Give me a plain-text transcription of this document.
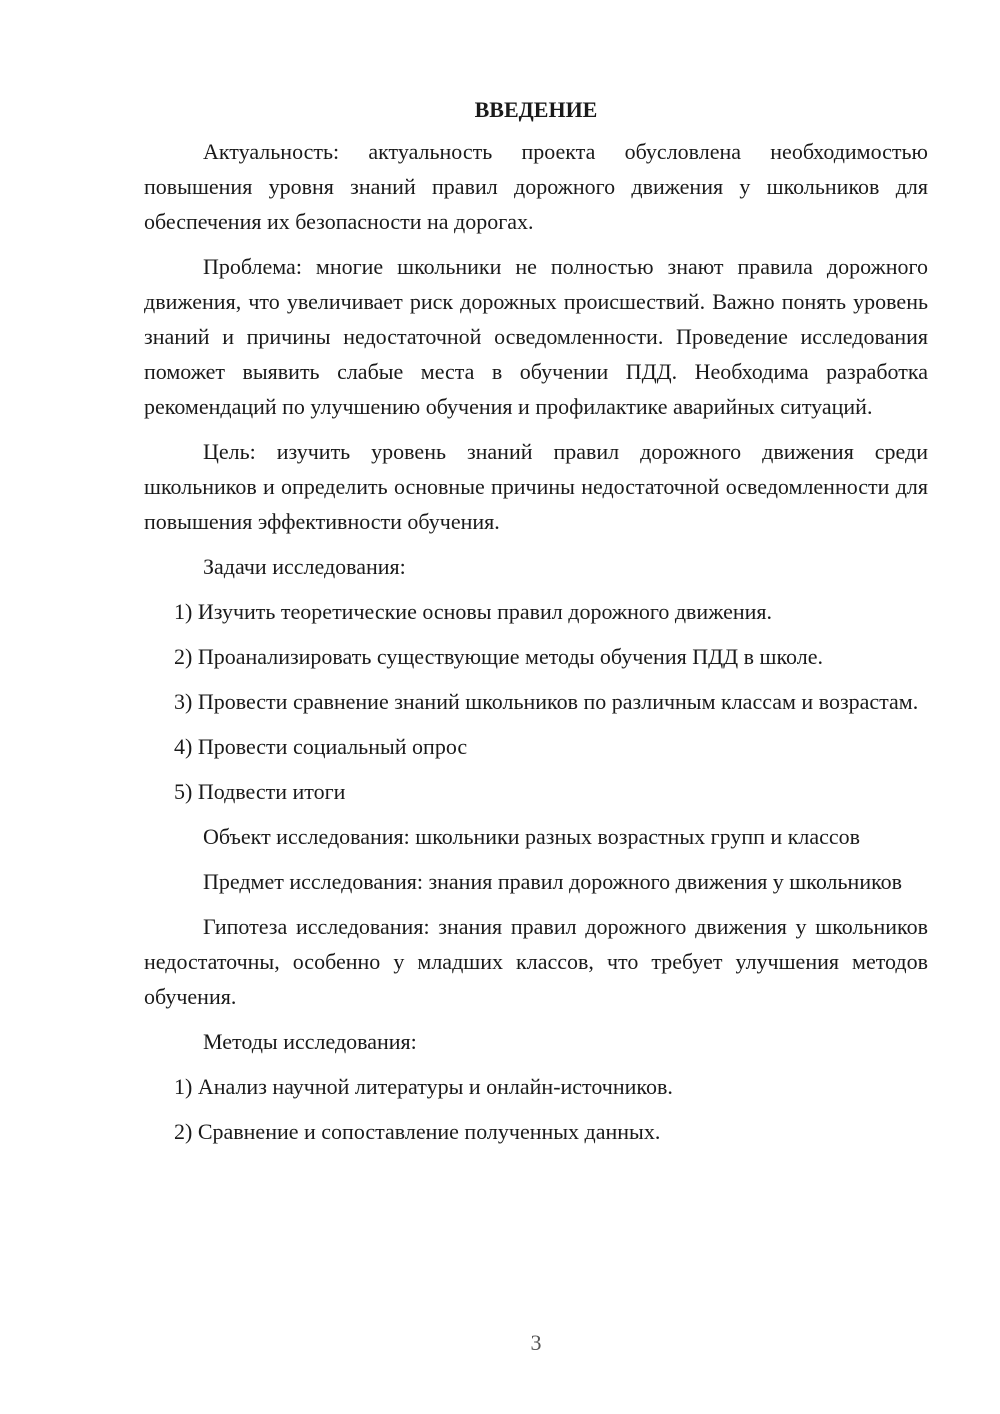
ВВЕДЕНИЕ

Актуальность: актуальность проекта обусловлена необходимостью повышения уровня знаний правил дорожного движения у школьников для обеспечения их безопасности на дорогах.

Проблема: многие школьники не полностью знают правила дорожного движения, что увеличивает риск дорожных происшествий. Важно понять уровень знаний и причины недостаточной осведомленности. Проведение исследования поможет выявить слабые места в обучении ПДД. Необходима разработка рекомендаций по улучшению обучения и профилактике аварийных ситуаций.

Цель: изучить уровень знаний правил дорожного движения среди школьников и определить основные причины недостаточной осведомленности для повышения эффективности обучения.

Задачи исследования:

1) Изучить теоретические основы правил дорожного движения.

2) Проанализировать существующие методы обучения ПДД в школе.

3) Провести сравнение знаний школьников по различным классам и возрастам.

4) Провести социальный опрос

5) Подвести итоги

Объект исследования: школьники разных возрастных групп и классов

Предмет исследования: знания правил дорожного движения у школьников

Гипотеза исследования: знания правил дорожного движения у школьников недостаточны, особенно у младших классов, что требует улучшения методов обучения.

Методы исследования:

1) Анализ научной литературы и онлайн-источников.

2) Сравнение и сопоставление полученных данных.

3
